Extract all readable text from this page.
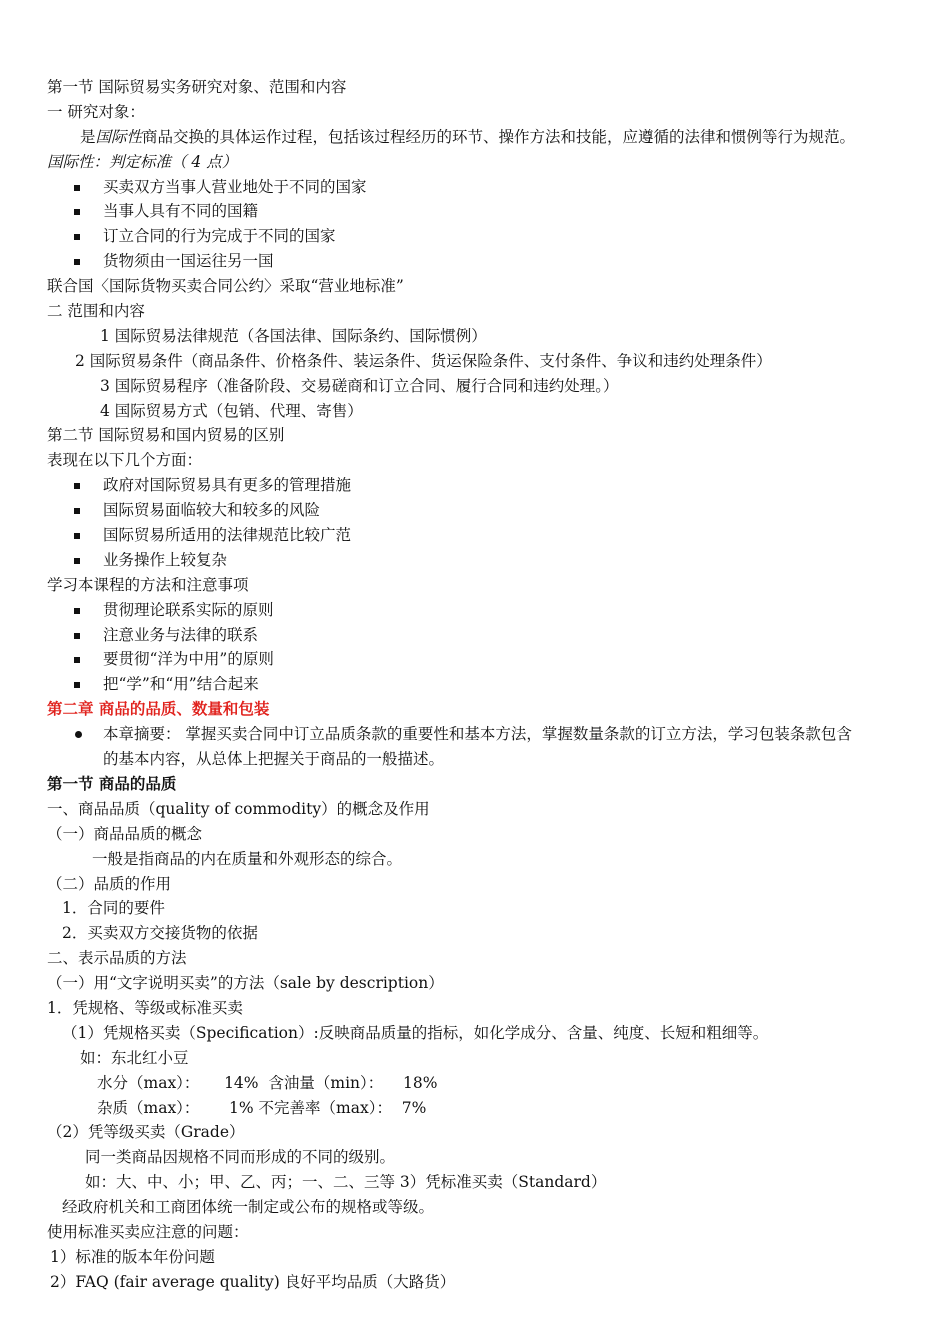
第一节 国际贸易实务研究对象、范围和内容
一 研究对象：
是国际性商品交换的具体运作过程，包括该过程经历的环节、操作方法和技能，应遵循的法律和惯例等行为规范。
国际性：判定标准（ 4 点）
买卖双方当事人营业地处于不同的国家
当事人具有不同的国籍
订立合同的行为完成于不同的国家
货物须由一国运往另一国
联合国〈国际货物买卖合同公约〉采取“营业地标准”
二 范围和内容
1 国际贸易法律规范（各国法律、国际条约、国际惯例）
2 国际贸易条件（商品条件、价格条件、装运条件、货运保险条件、支付条件、争议和违约处理条件）
3 国际贸易程序（准备阶段、交易磋商和订立合同、履行合同和违约处理。）
4 国际贸易方式（包销、代理、寄售）
第二节 国际贸易和国内贸易的区别
表现在以下几个方面：
政府对国际贸易具有更多的管理措施
国际贸易面临较大和较多的风险
国际贸易所适用的法律规范比较广范
业务操作上较复杂
学习本课程的方法和注意事项
贯彻理论联系实际的原则
注意业务与法律的联系
要贯彻“洋为中用”的原则
把“学”和“用”结合起来
第二章 商品的品质、数量和包装
本章摘要： 掌握买卖合同中订立品质条款的重要性和基本方法，掌握数量条款的订立方法，学习包装条款包含
的基本内容，从总体上把握关于商品的一般描述。
第一节 商品的品质
一、商品品质（quality of commodity）的概念及作用
（一）商品品质的概念
一般是指商品的内在质量和外观形态的综合。
（二）品质的作用
1．合同的要件
2．买卖双方交接货物的依据
二、表示品质的方法
（一）用“文字说明买卖”的方法（sale by description）
1．凭规格、等级或标准买卖
（1）凭规格买卖（Specification）:反映商品质量的指标，如化学成分、含量、纯度、长短和粗细等。
如：东北红小豆
水分（max）：     14%  含油量（min）：    18%
杂质（max）：      1% 不完善率（max）：  7%
（2）凭等级买卖（Grade）
同一类商品因规格不同而形成的不同的级别。
如：大、中、小；甲、乙、丙；一、二、三等 3）凭标准买卖（Standard）
经政府机关和工商团体统一制定或公布的规格或等级。
使用标准买卖应注意的问题：
1）标准的版本年份问题
2）FAQ (fair average quality) 良好平均品质（大路货）
